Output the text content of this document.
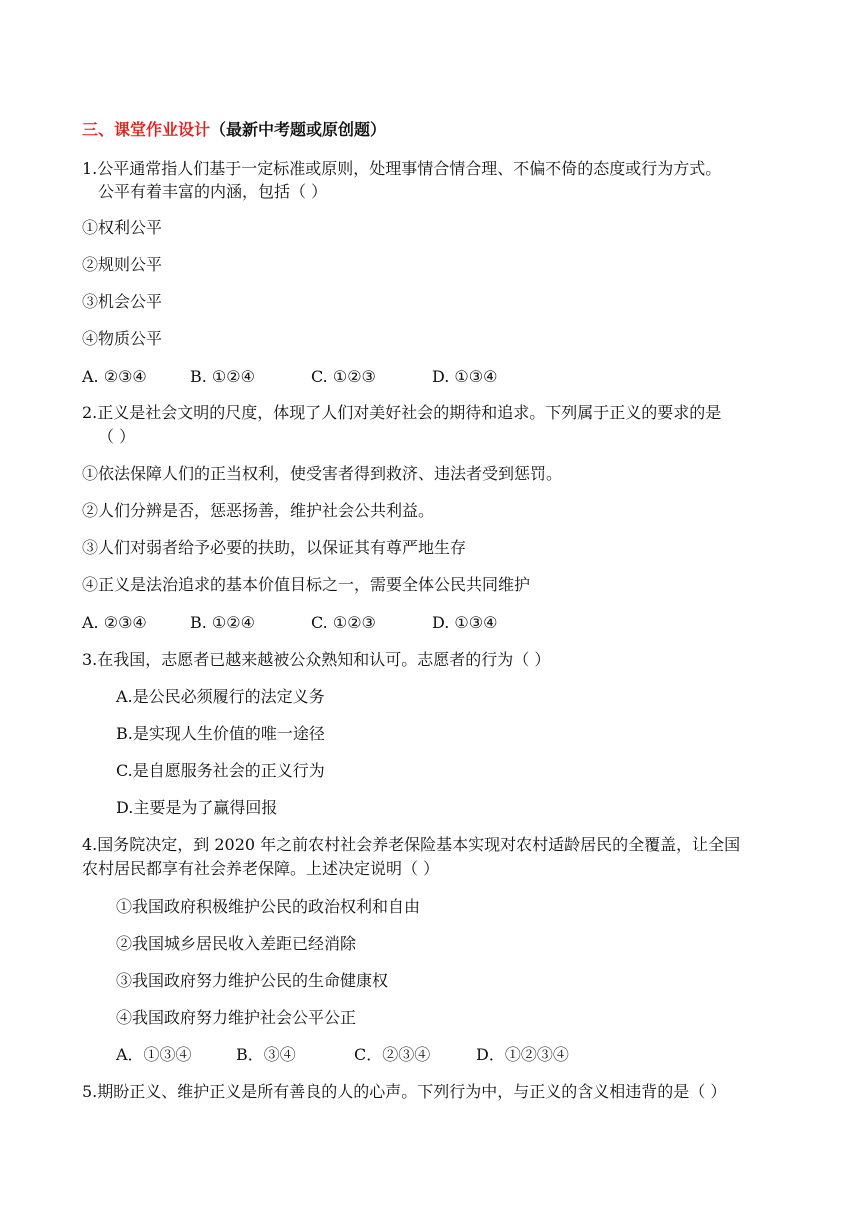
三、课堂作业设计（最新中考题或原创题）
1.公平通常指人们基于一定标准或原则，处理事情合情合理、不偏不倚的态度或行为方式。
公平有着丰富的内涵，包括（ ）
①权利公平
②规则公平
③机会公平
④物质公平
A. ②③④	B. ①②④	C. ①②③	D. ①③④
2.正义是社会文明的尺度，体现了人们对美好社会的期待和追求。下列属于正义的要求的是
（ ）
①依法保障人们的正当权利，使受害者得到救济、违法者受到惩罚。
②人们分辨是否，惩恶扬善，维护社会公共利益。
③人们对弱者给予必要的扶助，以保证其有尊严地生存
④正义是法治追求的基本价值目标之一，需要全体公民共同维护
A. ②③④	B. ①②④	C. ①②③	D. ①③④
3.在我国，志愿者已越来越被公众熟知和认可。志愿者的行为（ ）
A.是公民必须履行的法定义务
B.是实现人生价值的唯一途径
C.是自愿服务社会的正义行为
D.主要是为了赢得回报
4.国务院决定，到 2020 年之前农村社会养老保险基本实现对农村适龄居民的全覆盖，让全国
农村居民都享有社会养老保障。上述决定说明（ ）
①我国政府积极维护公民的政治权利和自由
②我国城乡居民收入差距已经消除
③我国政府努力维护公民的生命健康权
④我国政府努力维护社会公平公正
A．①③④	B．③④	C．②③④	D．①②③④
5.期盼正义、维护正义是所有善良的人的心声。下列行为中，与正义的含义相违背的是（ ）
